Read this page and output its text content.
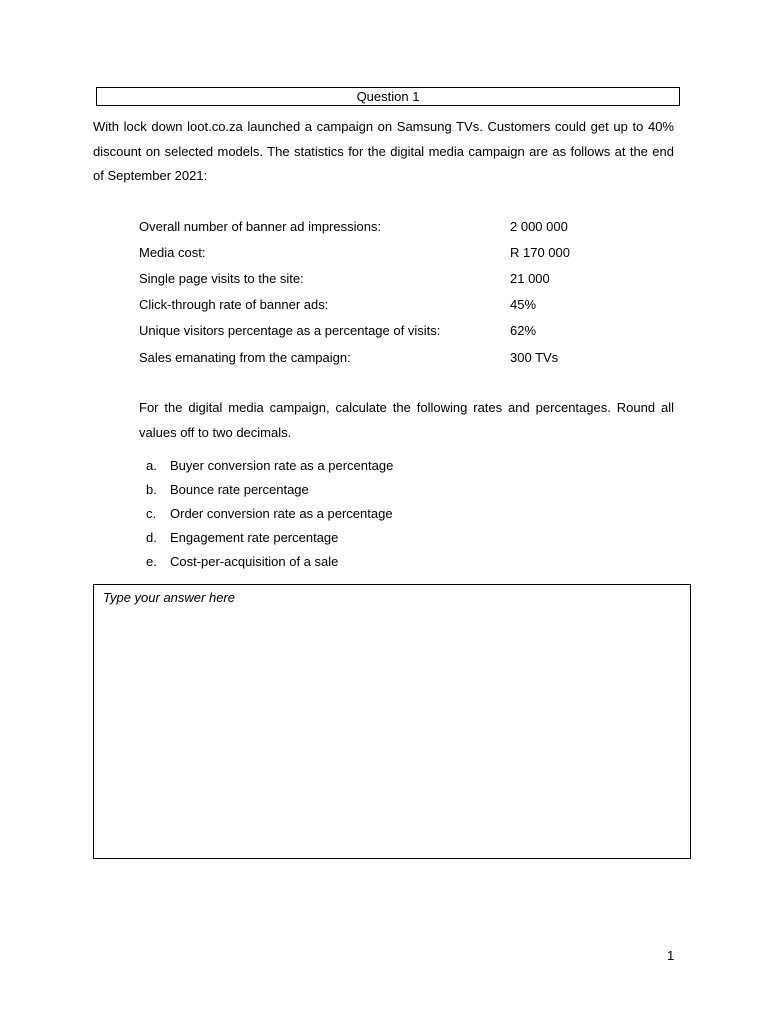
Question 1

With lock down loot.co.za launched a campaign on Samsung TVs. Customers could get up to 40% discount on selected models. The statistics for the digital media campaign are as follows at the end of September 2021:

Overall number of banner ad impressions:	2 000 000
Media cost:	R 170 000
Single page visits to the site:	21 000
Click-through rate of banner ads:	45%
Unique visitors percentage as a percentage of visits:	62%
Sales emanating from the campaign:	300 TVs

For the digital media campaign, calculate the following rates and percentages. Round all values off to two decimals.

a.	Buyer conversion rate as a percentage
b.	Bounce rate percentage
c.	Order conversion rate as a percentage
d.	Engagement rate percentage
e.	Cost-per-acquisition of a sale
Type your answer here
1
